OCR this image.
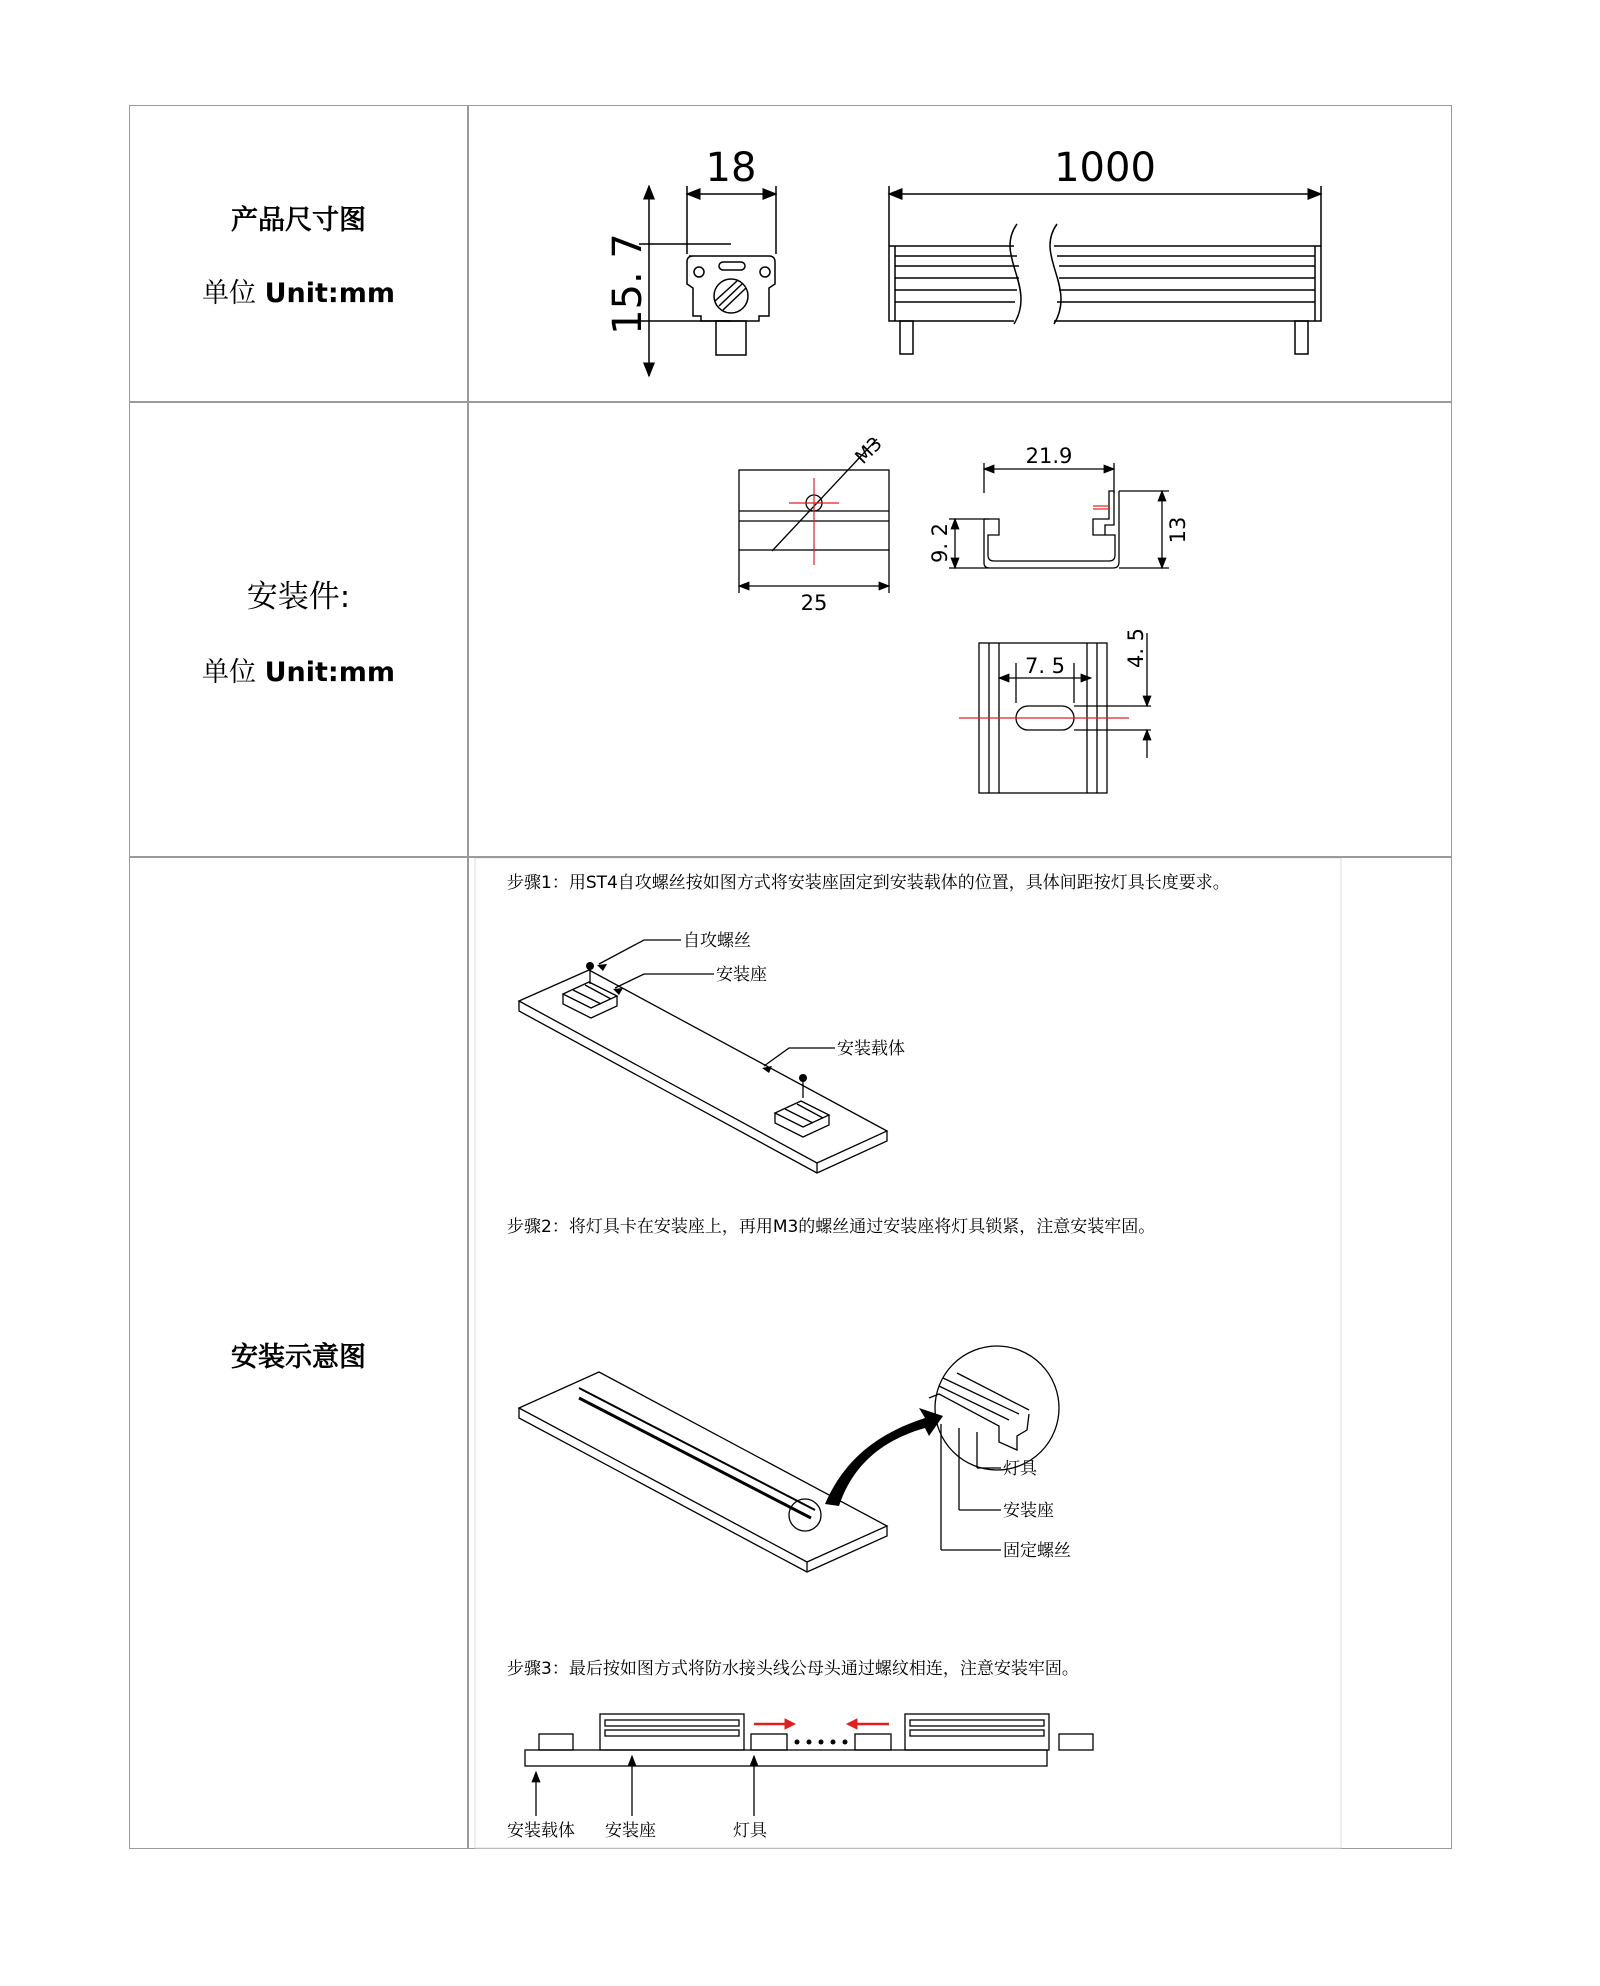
产品尺寸图
单位 Unit:mm
安装件:
单位 Unit:mm
安装示意图
18
15. 7
1000
M3
25
21.9
9. 2	13
7. 5	4. 5
步骤1：用ST4自攻螺丝按如图方式将安装座固定到安装载体的位置，具体间距按灯具长度要求。
自攻螺丝
安装座
安装载体
步骤2：将灯具卡在安装座上，再用M3的螺丝通过安装座将灯具锁紧，注意安装牢固。
灯具
安装座
固定螺丝
步骤3：最后按如图方式将防水接头线公母头通过螺纹相连，注意安装牢固。
安装载体 安装座	灯具
